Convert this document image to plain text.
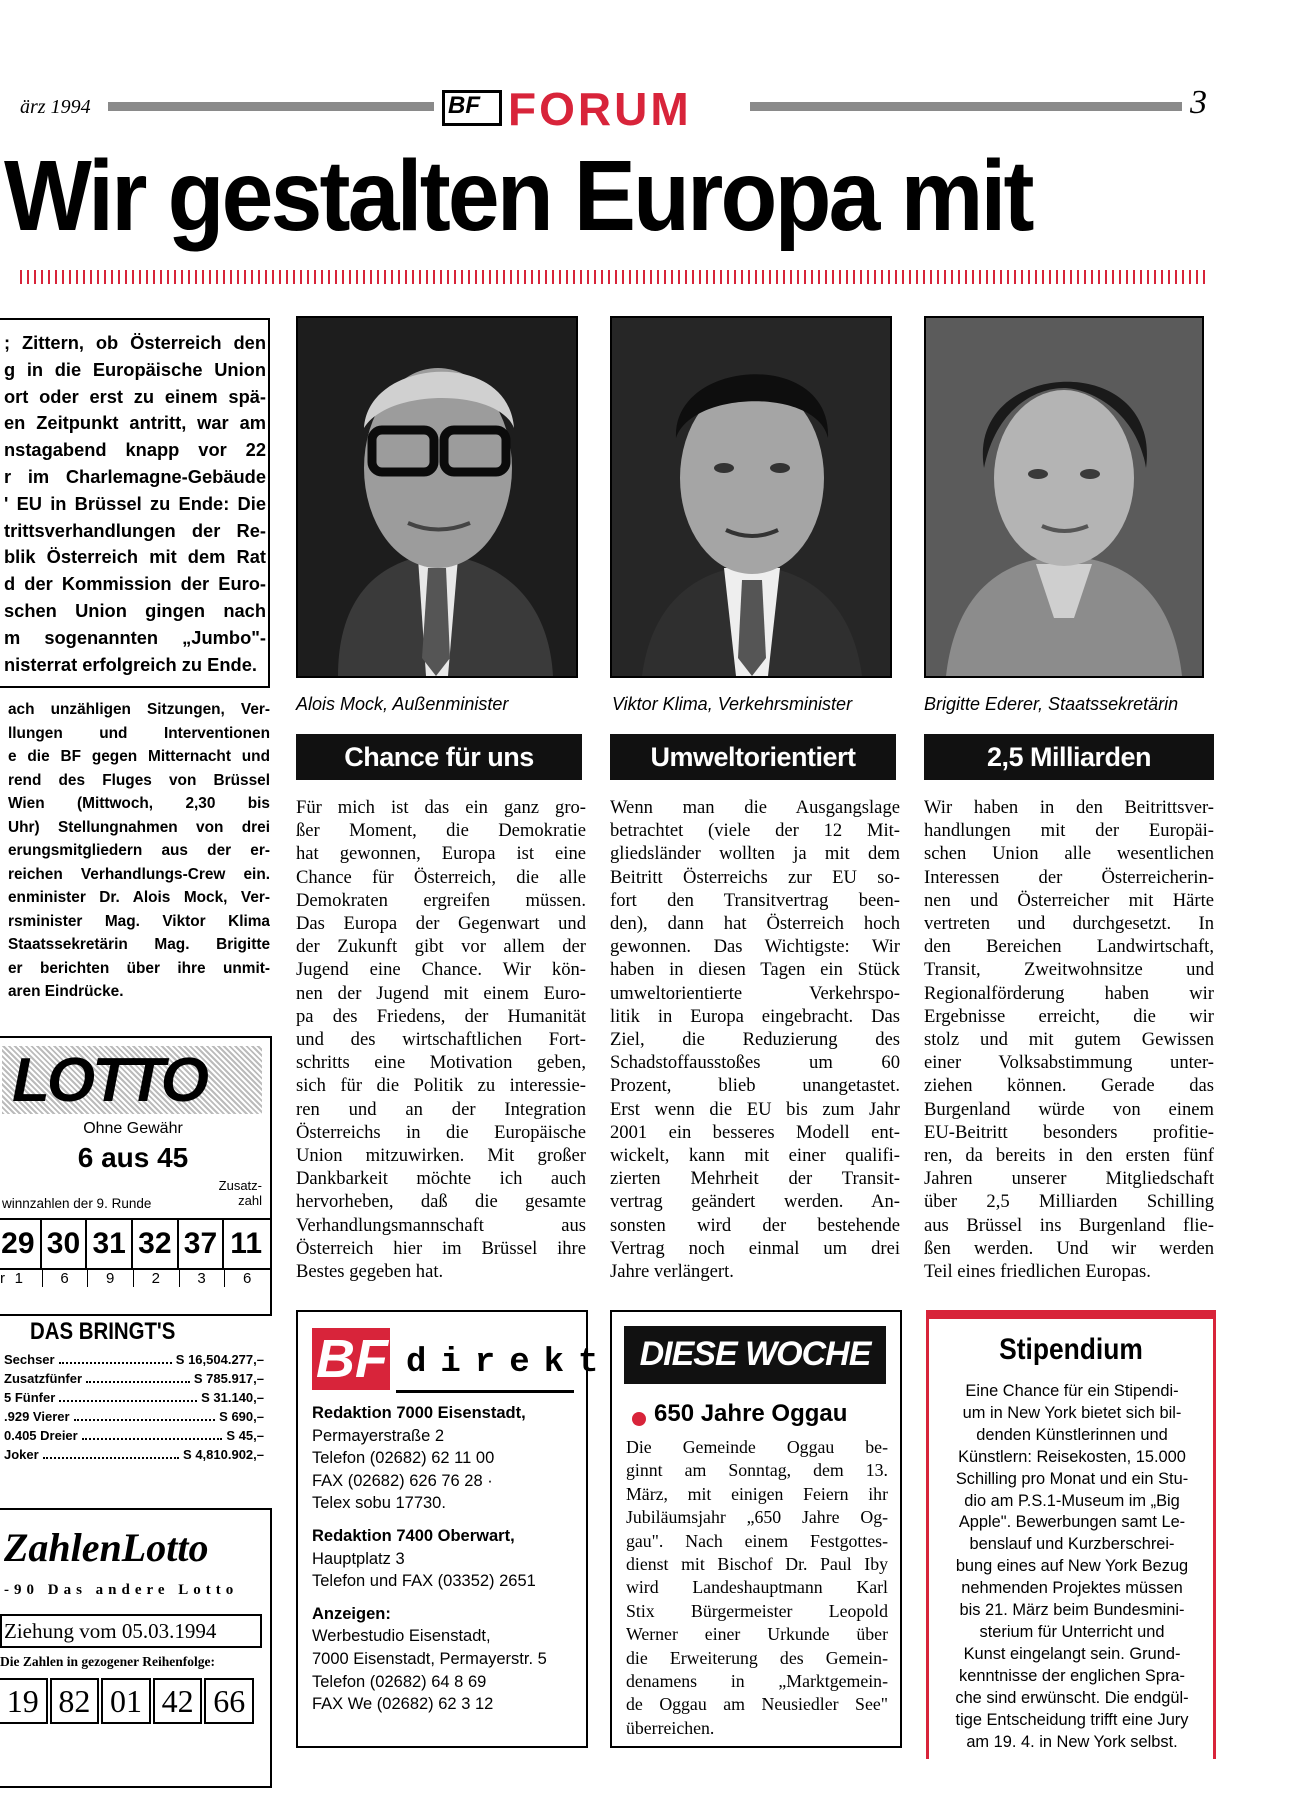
ärz 1994	BF FORUM	3
Wir gestalten Europa mit
; Zittern, ob Österreich den
g in die Europäische Union
ort oder erst zu einem spä-
en Zeitpunkt antritt, war am
nstagabend knapp vor 22
r im Charlemagne-Gebäude
' EU in Brüssel zu Ende: Die
trittsverhandlungen der Re-
blik Österreich mit dem Rat
d der Kommission der Euro-
schen Union gingen nach
m sogenannten „Jumbo"-
nisterrat erfolgreich zu Ende.
ach unzähligen Sitzungen, Ver-
llungen und Interventionen
e die BF gegen Mitternacht und
rend des Fluges von Brüssel
Wien (Mittwoch, 2,30 bis
Uhr) Stellungnahmen von drei
erungsmitgliedern aus der er-
reichen Verhandlungs-Crew ein.
enminister Dr. Alois Mock, Ver-
rsminister Mag. Viktor Klima
Staatssekretärin Mag. Brigitte
er berichten über ihre unmit-
aren Eindrücke.
Alois Mock, Außenminister	Viktor Klima, Verkehrsminister	Brigitte Ederer, Staatssekretärin
Chance für uns	Umweltorientiert	2,5 Milliarden
Für mich ist das ein ganz gro-
ßer Moment, die Demokratie
hat gewonnen, Europa ist eine
Chance für Österreich, die alle
Demokraten ergreifen müssen.
Das Europa der Gegenwart und
der Zukunft gibt vor allem der
Jugend eine Chance. Wir kön-
nen der Jugend mit einem Euro-
pa des Friedens, der Humanität
und des wirtschaftlichen Fort-
schritts eine Motivation geben,
sich für die Politik zu interessie-
ren und an der Integration
Österreichs in die Europäische
Union mitzuwirken. Mit großer
Dankbarkeit möchte ich auch
hervorheben, daß die gesamte
Verhandlungsmannschaft aus
Österreich hier im Brüssel ihre
Bestes gegeben hat.
Wenn man die Ausgangslage
betrachtet (viele der 12 Mit-
gliedsländer wollten ja mit dem
Beitritt Österreichs zur EU so-
fort den Transitvertrag been-
den), dann hat Österreich hoch
gewonnen. Das Wichtigste: Wir
haben in diesen Tagen ein Stück
umweltorientierte Verkehrspo-
litik in Europa eingebracht. Das
Ziel, die Reduzierung des
Schadstoffausstoßes um 60
Prozent, blieb unangetastet.
Erst wenn die EU bis zum Jahr
2001 ein besseres Modell ent-
wickelt, kann mit einer qualifi-
zierten Mehrheit der Transit-
vertrag geändert werden. An-
sonsten wird der bestehende
Vertrag noch einmal um drei
Jahre verlängert.
Wir haben in den Beitrittsver-
handlungen mit der Europäi-
schen Union alle wesentlichen
Interessen der Österreicherin-
nen und Österreicher mit Härte
vertreten und durchgesetzt. In
den Bereichen Landwirtschaft,
Transit, Zweitwohnsitze und
Regionalförderung haben wir
Ergebnisse erreicht, die wir
stolz und mit gutem Gewissen
einer Volksabstimmung unter-
ziehen können. Gerade das
Burgenland würde von einem
EU-Beitritt besonders profitie-
ren, da bereits in den ersten fünf
Jahren unserer Mitgliedschaft
über 2,5 Milliarden Schilling
aus Brüssel ins Burgenland flie-
ßen werden. Und wir werden
Teil eines friedlichen Europas.
LOTTO
Ohne Gewähr
6 aus 45
Zusatz-
zahl
winnzahlen der 9. Runde
29 30 31 32 37 11
r 1	6	9	2	3	6
DAS BRINGT'S
Sechser	S 16,504.277,–
Zusatzfünfer	S 785.917,–
5 Fünfer	S 31.140,–
.929 Vierer	S 690,–
0.405 Dreier	S 45,–
Joker	S 4,810.902,–
ZahlenLotto
-90 Das andere Lotto
Ziehung vom 05.03.1994
Die Zahlen in gezogener Reihenfolge:
19 82 01 42 66
BF direkt
Redaktion 7000 Eisenstadt,
Permayerstraße 2
Telefon (02682) 62 11 00
FAX (02682) 626 76 28 ·
Telex sobu 17730.
Redaktion 7400 Oberwart,
Hauptplatz 3
Telefon und FAX (03352) 2651
Anzeigen:
Werbestudio Eisenstadt,
7000 Eisenstadt, Permayerstr. 5
Telefon (02682) 64 8 69
FAX We (02682) 62 3 12
DIESE WOCHE
650 Jahre Oggau
Die Gemeinde Oggau be-
ginnt am Sonntag, dem 13.
März, mit einigen Feiern ihr
Jubiläumsjahr „650 Jahre Og-
gau". Nach einem Festgottes-
dienst mit Bischof Dr. Paul Iby
wird Landeshauptmann Karl
Stix Bürgermeister Leopold
Werner einer Urkunde über
die Erweiterung des Gemein-
denamens in „Marktgemein-
de Oggau am Neusiedler See"
überreichen.
Stipendium
Eine Chance für ein Stipendi-
um in New York bietet sich bil-
denden Künstlerinnen und
Künstlern: Reisekosten, 15.000
Schilling pro Monat und ein Stu-
dio am P.S.1-Museum im „Big
Apple". Bewerbungen samt Le-
benslauf und Kurzberschrei-
bung eines auf New York Bezug
nehmenden Projektes müssen
bis 21. März beim Bundesmini-
sterium für Unterricht und
Kunst eingelangt sein. Grund-
kenntnisse der englichen Spra-
che sind erwünscht. Die endgül-
tige Entscheidung trifft eine Jury
am 19. 4. in New York selbst.
